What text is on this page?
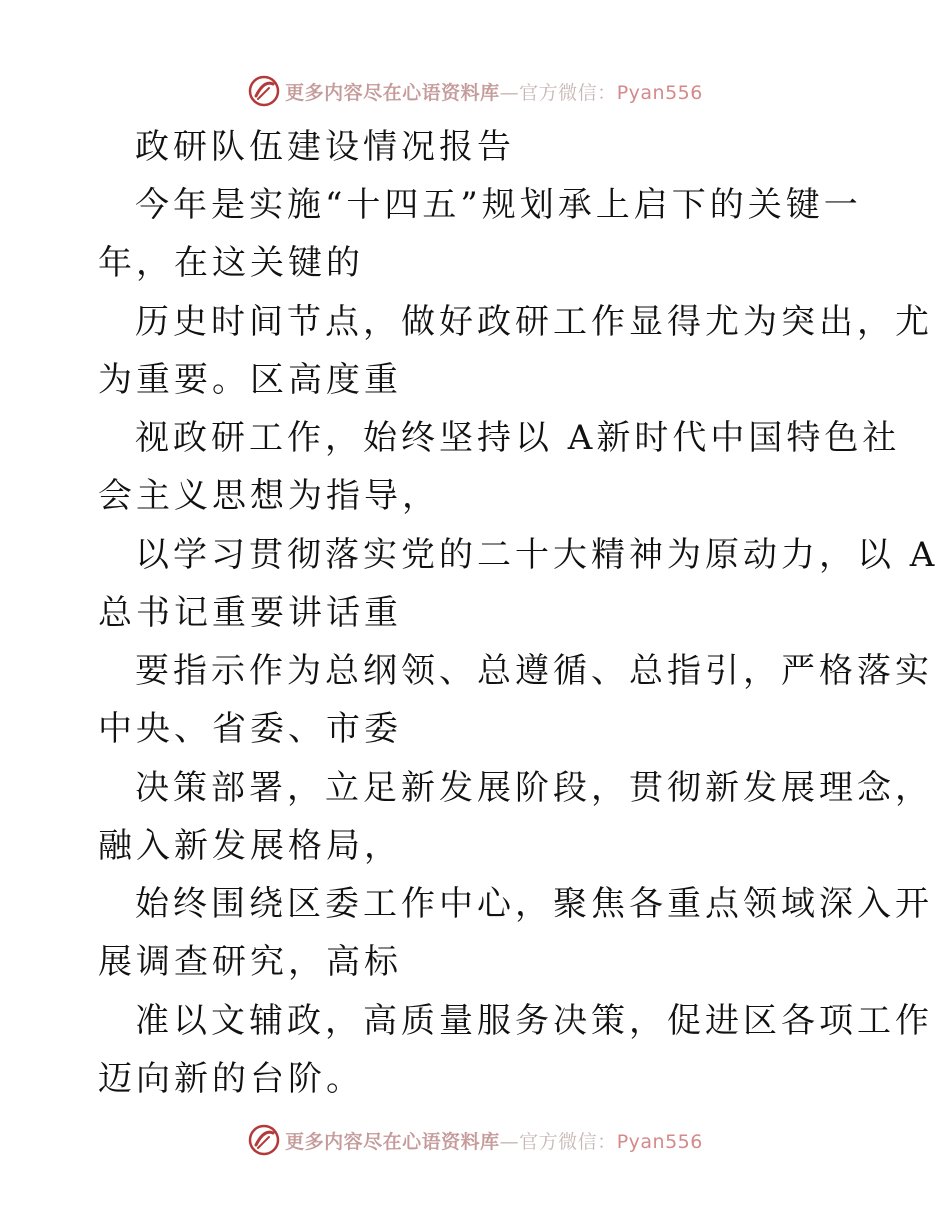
更多内容尽在心语资料库—官方微信：Pyan556
政研队伍建设情况报告
今年是实施“十四五”规划承上启下的关键一
年，在这关键的
历史时间节点，做好政研工作显得尤为突出，尤
为重要。区高度重
视政研工作，始终坚持以 A新时代中国特色社
会主义思想为指导，
以学习贯彻落实党的二十大精神为原动力，以 A
总书记重要讲话重
要指示作为总纲领、总遵循、总指引，严格落实
中央、省委、市委
决策部署，立足新发展阶段，贯彻新发展理念，
融入新发展格局，
始终围绕区委工作中心，聚焦各重点领域深入开
展调查研究，高标
准以文辅政，高质量服务决策，促进区各项工作
迈向新的台阶。
更多内容尽在心语资料库—官方微信：Pyan556
